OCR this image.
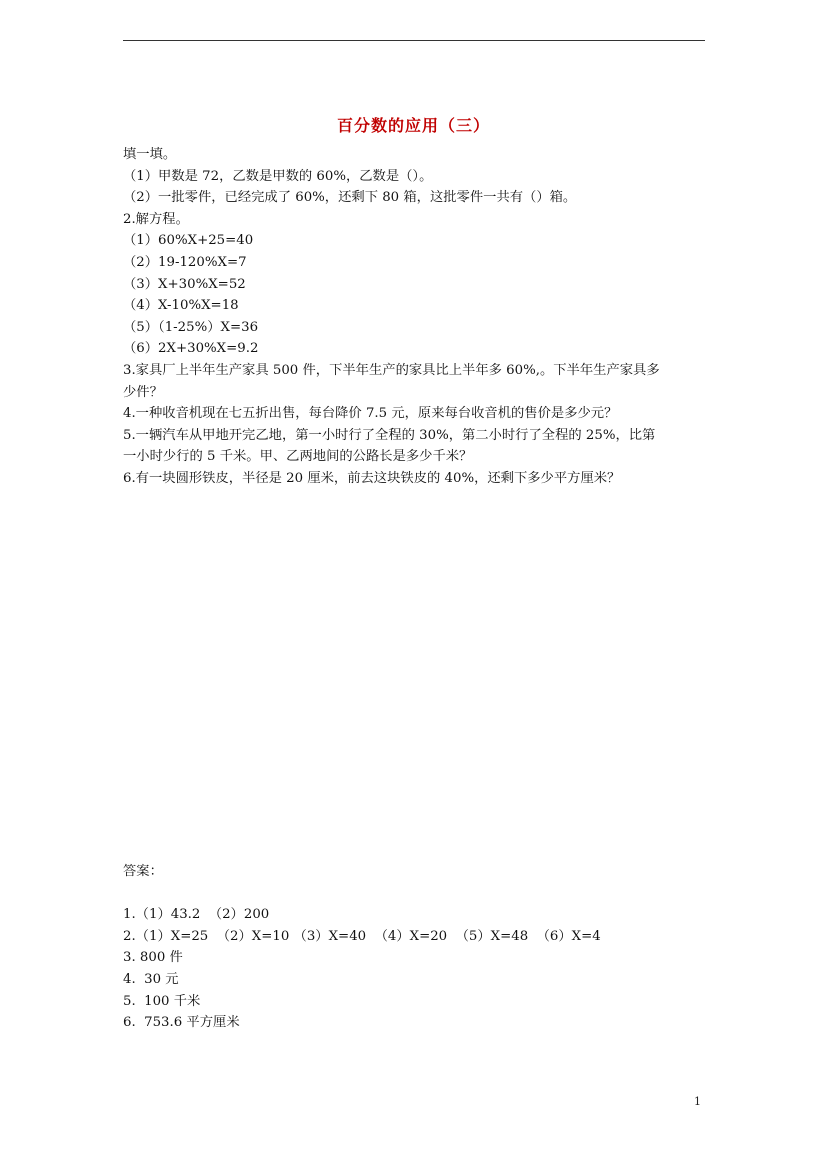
百分数的应用（三）
填一填。
（1）甲数是 72，乙数是甲数的 60%，乙数是（）。
（2）一批零件，已经完成了 60%，还剩下 80 箱，这批零件一共有（）箱。
2.解方程。
（1）60%X+25=40
（2）19-120%X=7
（3）X+30%X=52
（4）X-10%X=18
（5）（1-25%）X=36
（6）2X+30%X=9.2
3.家具厂上半年生产家具 500 件，下半年生产的家具比上半年多 60%,。下半年生产家具多
少件？
4.一种收音机现在七五折出售，每台降价 7.5 元，原来每台收音机的售价是多少元？
5.一辆汽车从甲地开完乙地，第一小时行了全程的 30%，第二小时行了全程的 25%，比第
一小时少行的 5 千米。甲、乙两地间的公路长是多少千米？
6.有一块圆形铁皮，半径是 20 厘米，前去这块铁皮的 40%，还剩下多少平方厘米？
答案：
1.（1）43.2  （2）200
2.（1）X=25  （2）X=10 （3）X=40  （4）X=20  （5）X=48  （6）X=4
3. 800 件
4.  30 元
5.  100 千米
6.  753.6 平方厘米
1
